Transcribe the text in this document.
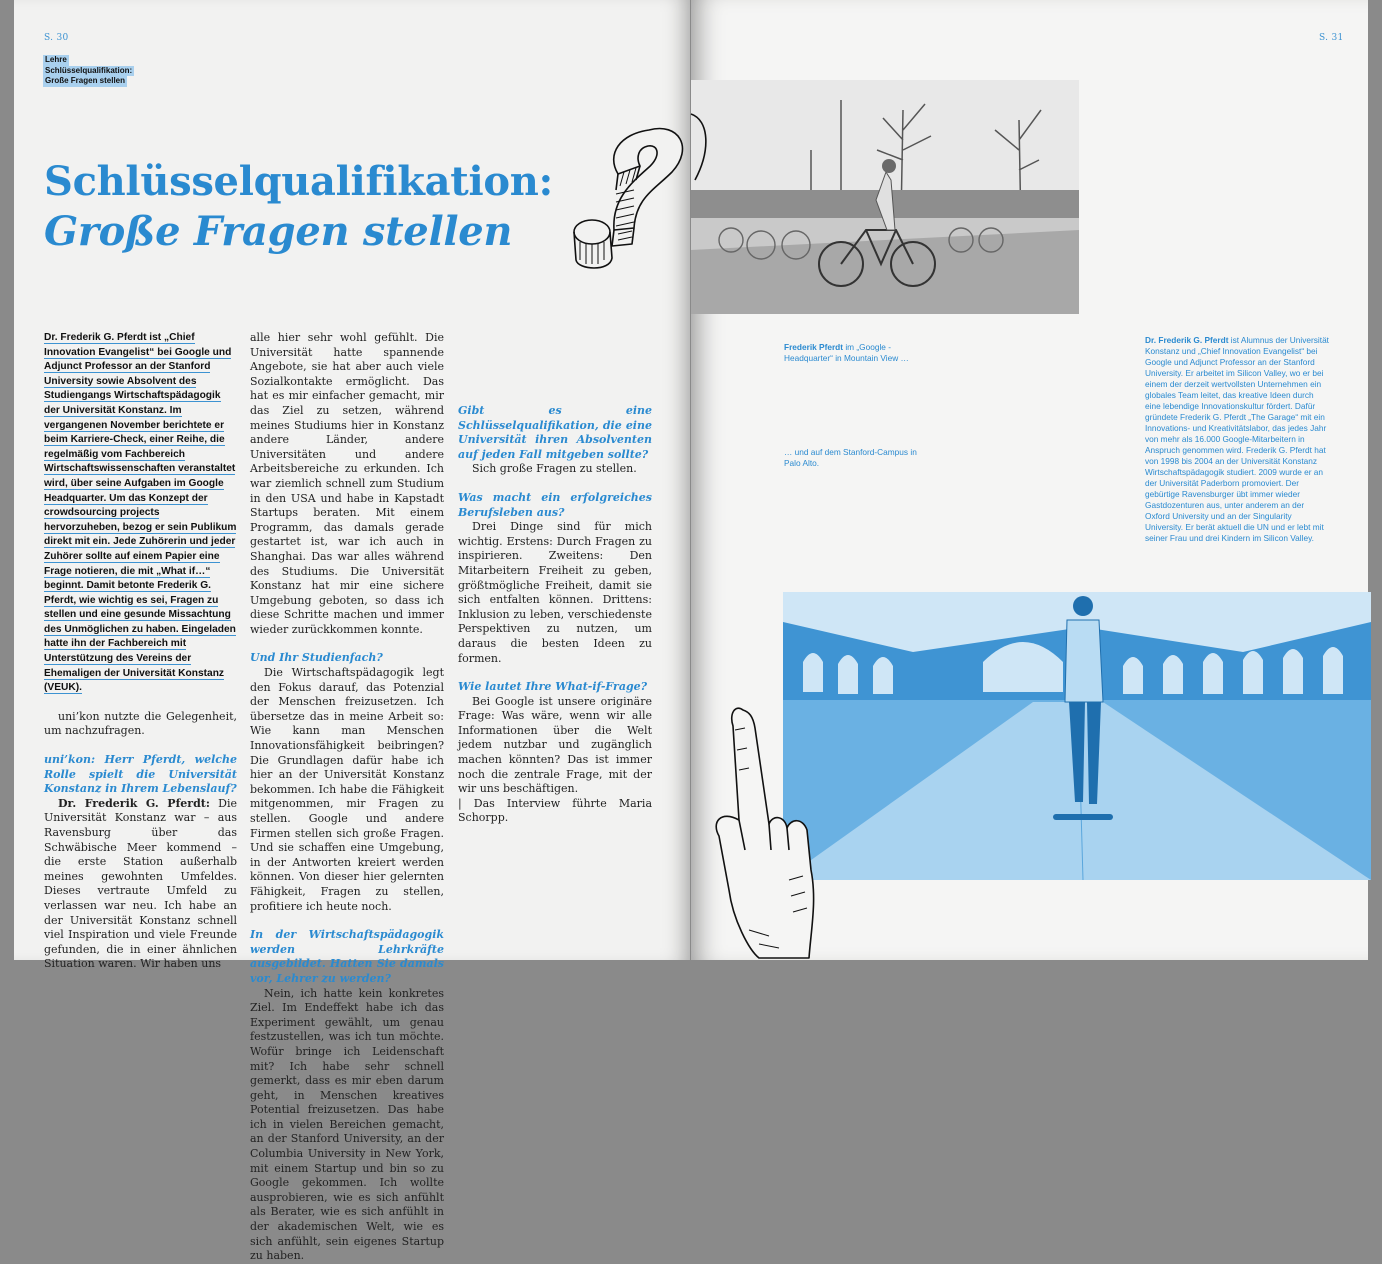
S. 30
Lehre
Schlüsselqualifikation:
Große Fragen stellen
Schlüsselqualifikation:
Große Fragen stellen

Dr. Frederik G. Pferdt ist „Chief Innovation Evangelist“ bei Google und Adjunct Professor an der Stanford University sowie Absolvent des Studiengangs Wirtschaftspädagogik der Universität Konstanz. Im vergangenen November berichtete er beim Karriere-Check, einer Reihe, die regelmäßig vom Fachbereich Wirtschaftswissenschaften veranstaltet wird, über seine Aufgaben im Google Headquarter. Um das Konzept der crowdsourcing projects hervorzuheben, bezog er sein Publikum direkt mit ein. Jede Zuhörerin und jeder Zuhörer sollte auf einem Papier eine Frage notieren, die mit „What if…“ beginnt. Damit betonte Frederik G. Pferdt, wie wichtig es sei, Fragen zu stellen und eine gesunde Missachtung des Unmöglichen zu haben. Eingeladen hatte ihn der Fachbereich mit Unterstützung des Vereins der Ehemaligen der Universität Konstanz (VEUK).

uni’kon nutzte die Gelegenheit, um nachzufragen.

uni’kon: Herr Pferdt, welche Rolle spielt die Universität Konstanz in Ihrem Lebenslauf?

Dr. Frederik G. Pferdt: Die Universität Konstanz war – aus Ravensburg über das Schwäbische Meer kommend – die erste Station außerhalb meines gewohnten Umfeldes. Dieses vertraute Umfeld zu verlassen war neu. Ich habe an der Universität Konstanz schnell viel Inspiration und viele Freunde gefunden, die in einer ähnlichen Situation waren. Wir haben uns

alle hier sehr wohl gefühlt. Die Universität hatte spannende Angebote, sie hat aber auch viele Sozialkontakte ermöglicht. Das hat es mir einfacher gemacht, mir das Ziel zu setzen, während meines Studiums hier in Konstanz andere Länder, andere Universitäten und andere Arbeitsbereiche zu erkunden. Ich war ziemlich schnell zum Studium in den USA und habe in Kapstadt Startups beraten. Mit einem Programm, das damals gerade gestartet ist, war ich auch in Shanghai. Das war alles während des Studiums. Die Universität Konstanz hat mir eine sichere Umgebung geboten, so dass ich diese Schritte machen und immer wieder zurückkommen konnte.

Und Ihr Studienfach?

Die Wirtschaftspädagogik legt den Fokus darauf, das Potenzial der Menschen freizusetzen. Ich übersetze das in meine Arbeit so: Wie kann man Menschen Innovationsfähigkeit beibringen? Die Grundlagen dafür habe ich hier an der Universität Konstanz bekommen. Ich habe die Fähigkeit mitgenommen, mir Fragen zu stellen. Google und andere Firmen stellen sich große Fragen. Und sie schaffen eine Umgebung, in der Antworten kreiert werden können. Von dieser hier gelernten Fähigkeit, Fragen zu stellen, profitiere ich heute noch.

In der Wirtschaftspädagogik werden Lehrkräfte ausgebildet. Hatten Sie damals vor, Lehrer zu werden?

Nein, ich hatte kein konkretes Ziel. Im Endeffekt habe ich das Experiment gewählt, um genau festzustellen, was ich tun möchte. Wofür bringe ich Leidenschaft mit? Ich habe sehr schnell gemerkt, dass es mir eben darum geht, in Menschen kreatives Potential freizusetzen. Das habe ich in vielen Bereichen gemacht, an der Stanford University, an der Columbia University in New York, mit einem Startup und bin so zu Google gekommen. Ich wollte ausprobieren, wie es sich anfühlt als Berater, wie es sich anfühlt in der akademischen Welt, wie es sich anfühlt, sein eigenes Startup zu haben.

Gibt es eine Schlüsselqualifikation, die eine Universität ihren Absolventen auf jeden Fall mitgeben sollte?

Sich große Fragen zu stellen.

Was macht ein erfolgreiches Berufsleben aus?

Drei Dinge sind für mich wichtig. Erstens: Durch Fragen zu inspirieren. Zweitens: Den Mitarbeitern Freiheit zu geben, größtmögliche Freiheit, damit sie sich entfalten können. Drittens: Inklusion zu leben, verschiedenste Perspektiven zu nutzen, um daraus die besten Ideen zu formen.

Wie lautet Ihre What-if-Frage?

Bei Google ist unsere originäre Frage: Was wäre, wenn wir alle Informationen über die Welt jedem nutzbar und zugänglich machen könnten? Das ist immer noch die zentrale Frage, mit der wir uns beschäftigen.

| Das Interview führte Maria Schorpp.

S. 31
Frederik Pferdt im „Google -Headquarter“ in Mountain View …
… und auf dem Stanford-Campus in Palo Alto.
Dr. Frederik G. Pferdt ist Alumnus der Universität Konstanz und „Chief Innovation Evangelist“ bei Google und Adjunct Professor an der Stanford University. Er arbeitet im Silicon Valley, wo er bei einem der derzeit wertvollsten Unternehmen ein globales Team leitet, das kreative Ideen durch eine lebendige Innovationskultur fördert. Dafür gründete Frederik G. Pferdt „The Garage“ mit ein Innovations- und Kreativitätslabor, das jedes Jahr von mehr als 16.000 Google-Mitarbeitern in Anspruch genommen wird. Frederik G. Pferdt hat von 1998 bis 2004 an der Universität Konstanz Wirtschaftspädagogik studiert. 2009 wurde er an der Universität Paderborn promoviert. Der gebürtige Ravensburger übt immer wieder Gastdozenturen aus, unter anderem an der Oxford University und an der Singularity University. Er berät aktuell die UN und er lebt mit seiner Frau und drei Kindern im Silicon Valley.
